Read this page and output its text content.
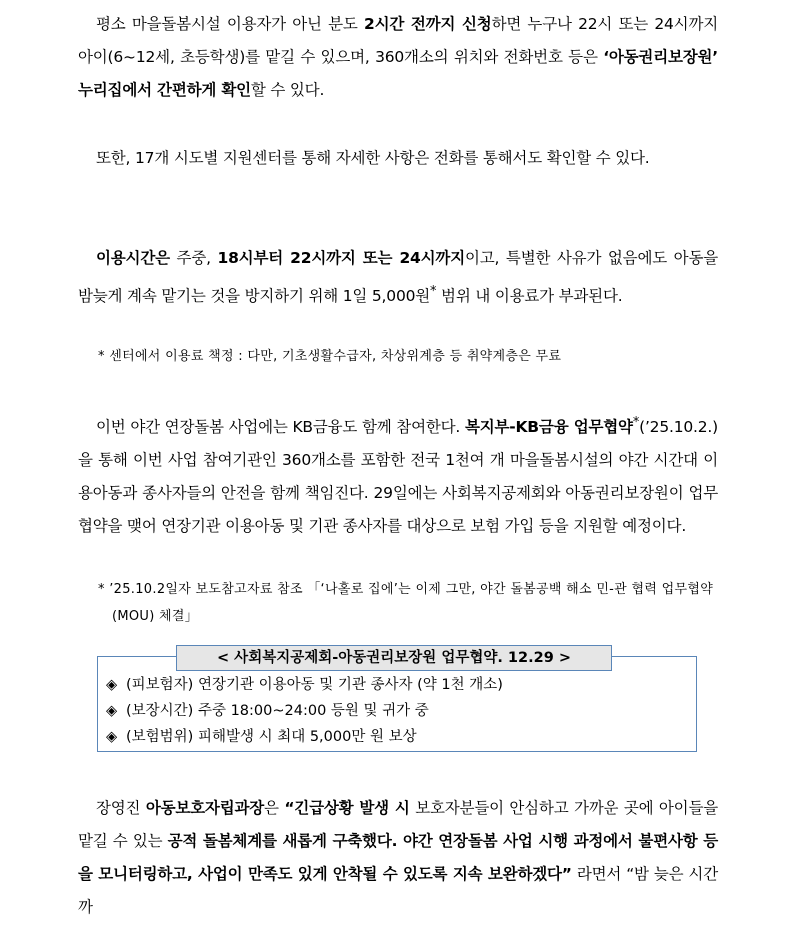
평소 마을돌봄시설 이용자가 아닌 분도 2시간 전까지 신청하면 누구나 22시 또는 24시까지 아이(6~12세, 초등학생)를 맡길 수 있으며, 360개소의 위치와 전화번호 등은 ‘아동권리보장원’ 누리집에서 간편하게 확인할 수 있다.
또한, 17개 시도별 지원센터를 통해 자세한 사항은 전화를 통해서도 확인할 수 있다.
이용시간은 주중, 18시부터 22시까지 또는 24시까지이고, 특별한 사유가 없음에도 아동을 밤늦게 계속 맡기는 것을 방지하기 위해 1일 5,000원* 범위 내 이용료가 부과된다.
* 센터에서 이용료 책정 : 다만, 기초생활수급자, 차상위계층 등 취약계층은 무료
이번 야간 연장돌봄 사업에는 KB금융도 함께 참여한다. 복지부-KB금융 업무협약*(’25.10.2.)을 통해 이번 사업 참여기관인 360개소를 포함한 전국 1천여 개 마을돌봄시설의 야간 시간대 이용아동과 종사자들의 안전을 함께 책임진다. 29일에는 사회복지공제회와 아동권리보장원이 업무협약을 맺어 연장기관 이용아동 및 기관 종사자를 대상으로 보험 가입 등을 지원할 예정이다.
* ’25.10.2일자 보도참고자료 참조 「‘나홀로 집에’는 이제 그만, 야간 돌봄공백 해소 민-관 협력 업무협약(MOU) 체결」
< 사회복지공제회-아동권리보장원 업무협약. 12.29 >
◈ (피보험자) 연장기관 이용아동 및 기관 종사자 (약 1천 개소)
◈ (보장시간) 주중 18:00~24:00 등원 및 귀가 중
◈ (보험범위) 피해발생 시 최대 5,000만 원 보상
장영진 아동보호자립과장은 “긴급상황 발생 시 보호자분들이 안심하고 가까운 곳에 아이들을 맡길 수 있는 공적 돌봄체계를 새롭게 구축했다. 야간 연장돌봄 사업 시행 과정에서 불편사항 등을 모니터링하고, 사업이 만족도 있게 안착될 수 있도록 지속 보완하겠다” 라면서 “밤 늦은 시간까
